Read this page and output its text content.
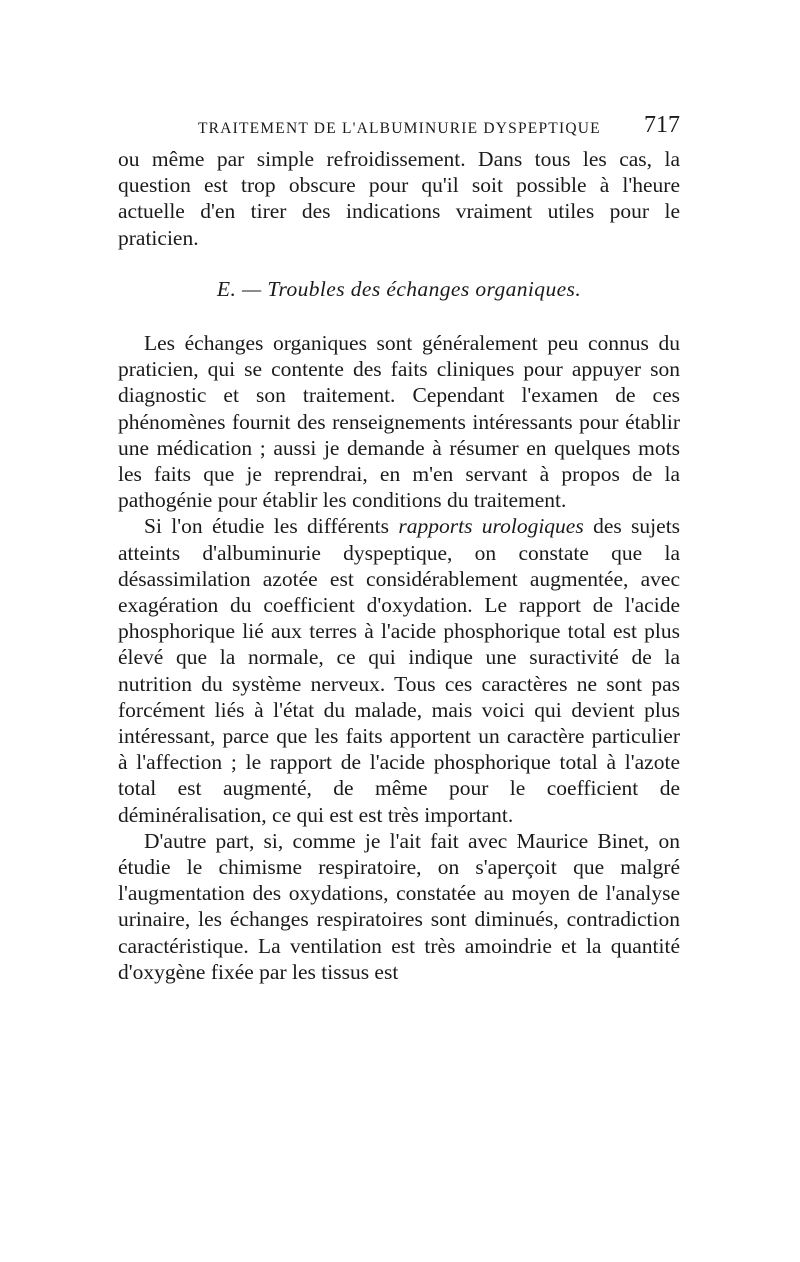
TRAITEMENT DE L'ALBUMINURIE DYSPEPTIQUE 717

ou même par simple refroidissement. Dans tous les cas, la question est trop obscure pour qu'il soit possible à l'heure actuelle d'en tirer des indications vraiment utiles pour le praticien.

E. — Troubles des échanges organiques.

Les échanges organiques sont généralement peu connus du praticien, qui se contente des faits cliniques pour appuyer son diagnostic et son traitement. Cependant l'examen de ces phénomènes fournit des renseignements intéressants pour établir une médication ; aussi je demande à résumer en quelques mots les faits que je reprendrai, en m'en servant à propos de la pathogénie pour établir les conditions du traitement.

Si l'on étudie les différents rapports urologiques des sujets atteints d'albuminurie dyspeptique, on constate que la désassimilation azotée est considérablement augmentée, avec exagération du coefficient d'oxydation. Le rapport de l'acide phosphorique lié aux terres à l'acide phosphorique total est plus élevé que la normale, ce qui indique une suractivité de la nutrition du système nerveux. Tous ces caractères ne sont pas forcément liés à l'état du malade, mais voici qui devient plus intéressant, parce que les faits apportent un caractère particulier à l'affection ; le rapport de l'acide phosphorique total à l'azote total est augmenté, de même pour le coefficient de déminéralisation, ce qui est est très important.

D'autre part, si, comme je l'ait fait avec Maurice Binet, on étudie le chimisme respiratoire, on s'aperçoit que malgré l'augmentation des oxydations, constatée au moyen de l'analyse urinaire, les échanges respiratoires sont diminués, contradiction caractéristique. La ventilation est très amoindrie et la quantité d'oxygène fixée par les tissus est
